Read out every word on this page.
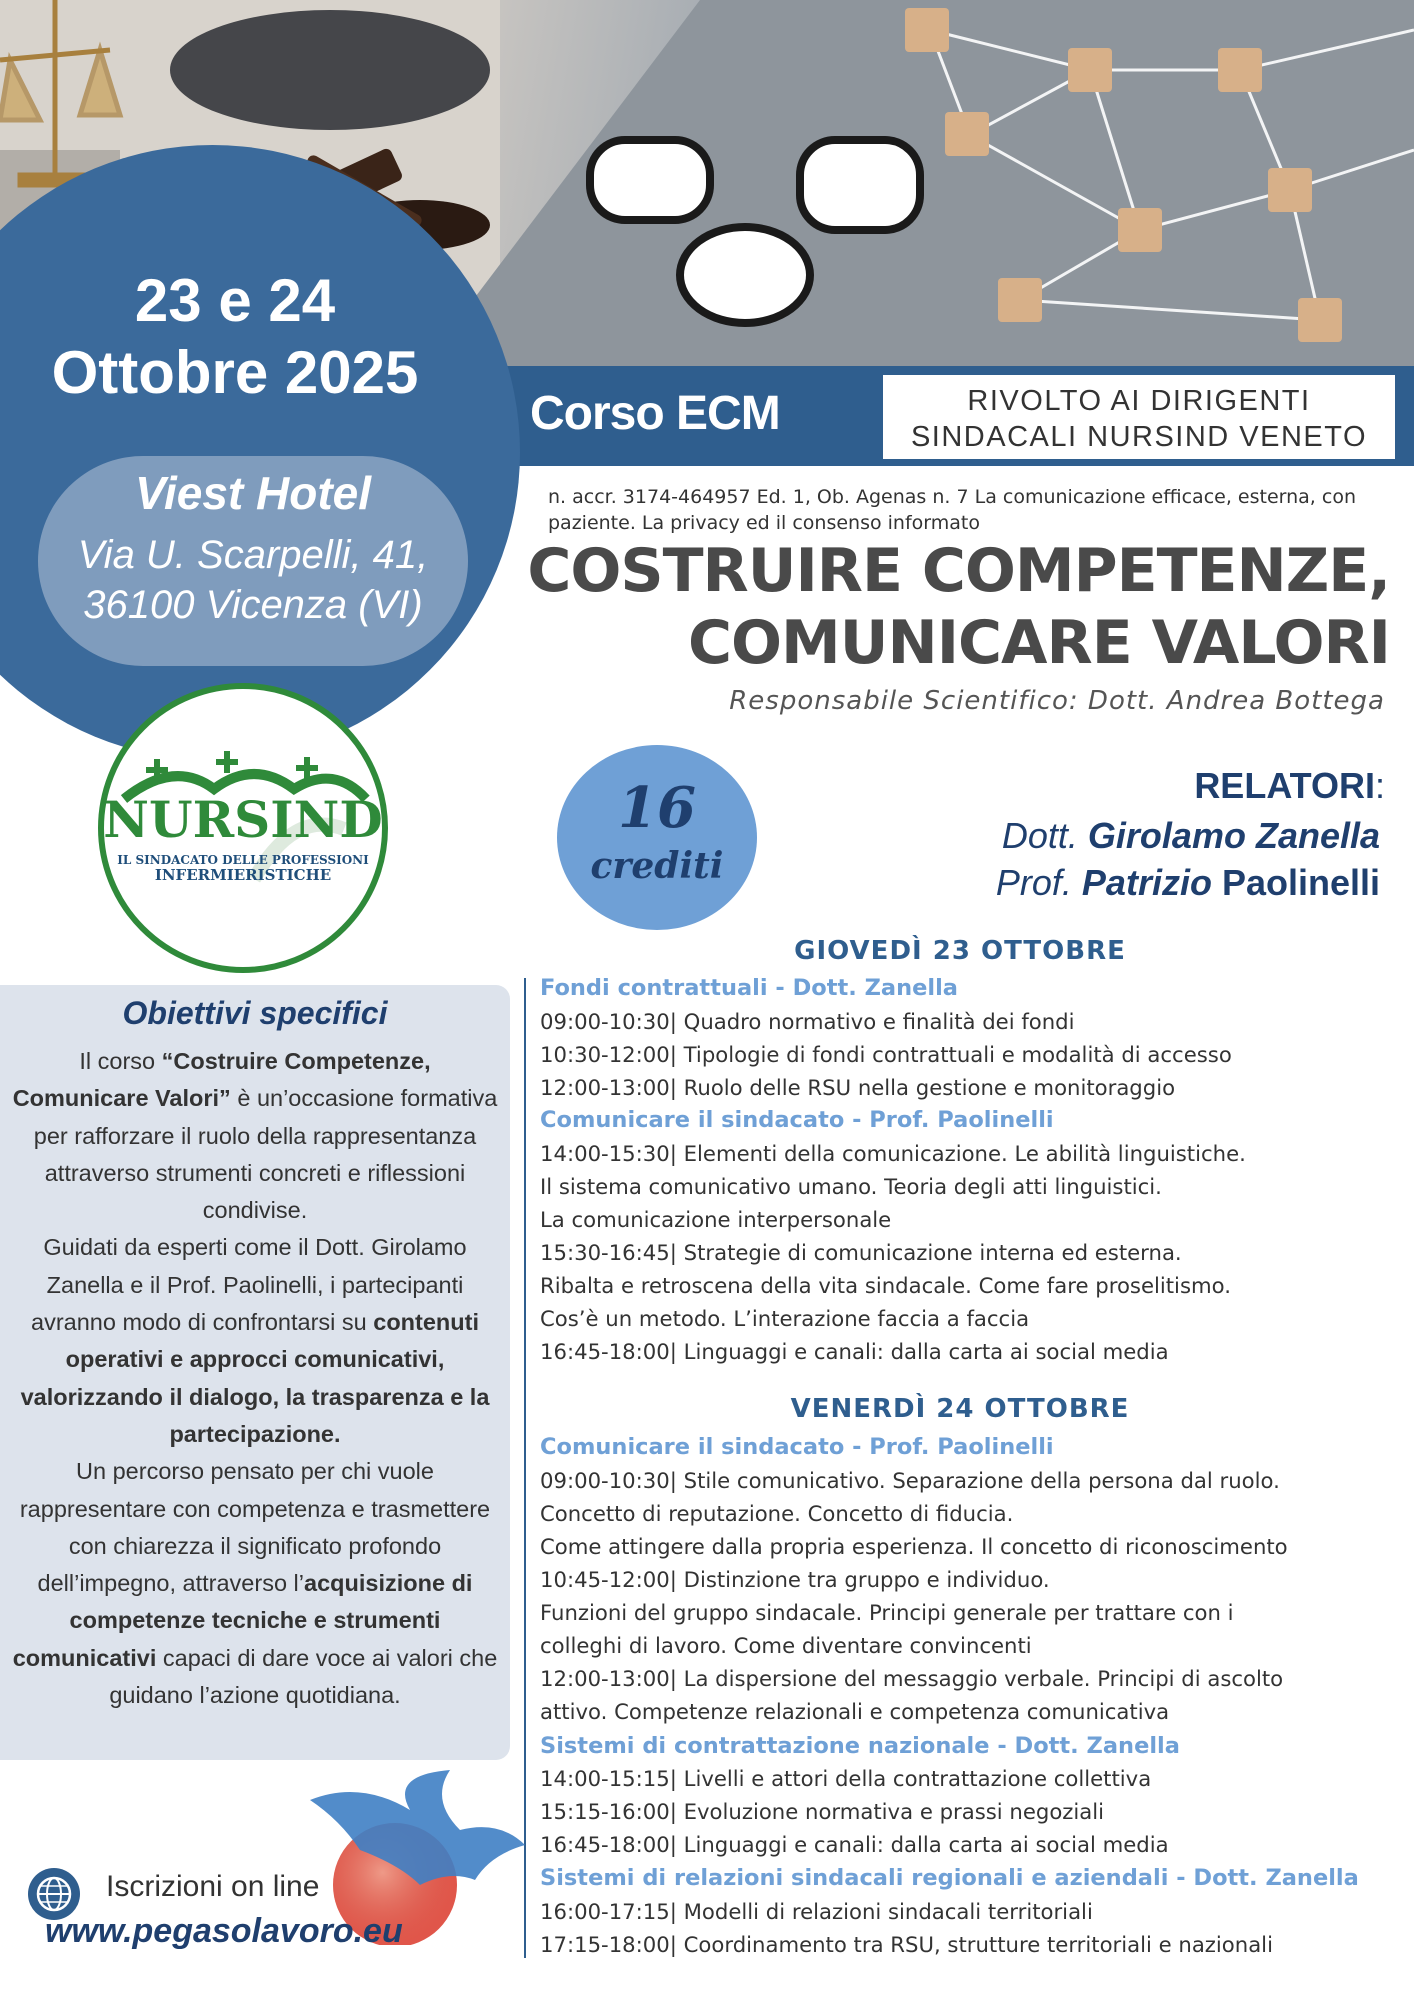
Corso ECM	RIVOLTO AI DIRIGENTI
SINDACALI NURSIND VENETO
23 e 24
Ottobre 2025
Viest Hotel
Via U. Scarpelli, 41,
36100 Vicenza (VI)
NURSIND
IL SINDACATO DELLE PROFESSIONI
INFERMIERISTICHE
n. accr. 3174-464957 Ed. 1, Ob. Agenas n. 7 La comunicazione efficace, esterna, con paziente. La privacy ed il consenso informato
COSTRUIRE COMPETENZE,
COMUNICARE VALORI
Responsabile Scientifico: Dott. Andrea Bottega
16
crediti
RELATORI:
Dott. Girolamo Zanella
Prof. Patrizio Paolinelli
Obiettivi specifici
Il corso “Costruire Competenze, Comunicare Valori” è un’occasione formativa per rafforzare il ruolo della rappresentanza attraverso strumenti concreti e riflessioni condivise.
Guidati da esperti come il Dott. Girolamo Zanella e il Prof. Paolinelli, i partecipanti avranno modo di confrontarsi su contenuti operativi e approcci comunicativi, valorizzando il dialogo, la trasparenza e la partecipazione.
Un percorso pensato per chi vuole rappresentare con competenza e trasmettere con chiarezza il significato profondo dell’impegno, attraverso l’acquisizione di competenze tecniche e strumenti comunicativi capaci di dare voce ai valori che guidano l’azione quotidiana.
GIOVEDÌ 23 OTTOBRE
Fondi contrattuali - Dott. Zanella
09:00-10:30| Quadro normativo e finalità dei fondi
10:30-12:00| Tipologie di fondi contrattuali e modalità di accesso
12:00-13:00| Ruolo delle RSU nella gestione e monitoraggio
Comunicare il sindacato - Prof. Paolinelli
14:00-15:30| Elementi della comunicazione. Le abilità linguistiche.
Il sistema comunicativo umano. Teoria degli atti linguistici.
La comunicazione interpersonale
15:30-16:45| Strategie di comunicazione interna ed esterna.
Ribalta e retroscena della vita sindacale. Come fare proselitismo.
Cos’è un metodo. L’interazione faccia a faccia
16:45-18:00| Linguaggi e canali: dalla carta ai social media
VENERDÌ 24 OTTOBRE
Comunicare il sindacato - Prof. Paolinelli
09:00-10:30| Stile comunicativo. Separazione della persona dal ruolo.
Concetto di reputazione. Concetto di fiducia.
Come attingere dalla propria esperienza. Il concetto di riconoscimento
10:45-12:00| Distinzione tra gruppo e individuo.
Funzioni del gruppo sindacale. Principi generale per trattare con i
colleghi di lavoro. Come diventare convincenti
12:00-13:00| La dispersione del messaggio verbale. Principi di ascolto
attivo. Competenze relazionali e competenza comunicativa
Sistemi di contrattazione nazionale - Dott. Zanella
14:00-15:15| Livelli e attori della contrattazione collettiva
15:15-16:00| Evoluzione normativa e prassi negoziali
16:45-18:00| Linguaggi e canali: dalla carta ai social media
Sistemi di relazioni sindacali regionali e aziendali - Dott. Zanella
16:00-17:15| Modelli di relazioni sindacali territoriali
17:15-18:00| Coordinamento tra RSU, strutture territoriali e nazionali
Iscrizioni on line
www.pegasolavoro.eu
